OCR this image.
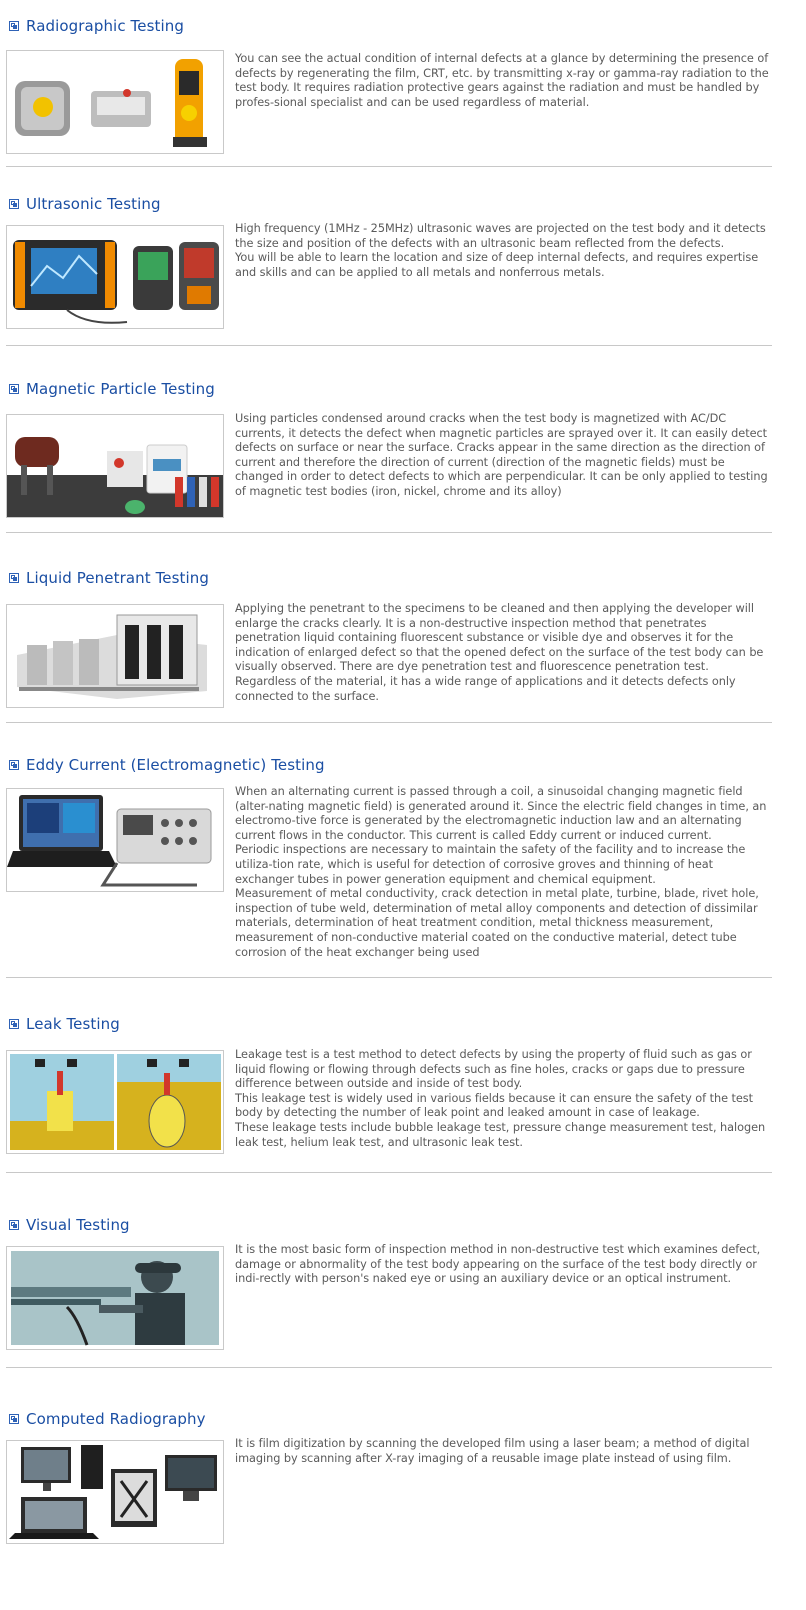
Radiographic Testing
You can see the actual condition of internal defects at a glance by determining the presence of defects by regenerating the film, CRT, etc. by transmitting x-ray or gamma-ray radiation to the test body. It requires radiation protective gears against the radiation and must be handled by profes-sional specialist and can be used regardless of material.
Ultrasonic Testing
High frequency (1MHz - 25MHz) ultrasonic waves are projected on the test body and it detects the size and position of the defects with an ultrasonic beam reflected from the defects.
You will be able to learn the location and size of deep internal defects, and requires expertise and skills and can be applied to all metals and nonferrous metals.
Magnetic Particle Testing
Using particles condensed around cracks when the test body is magnetized with AC/DC currents, it detects the defect when magnetic particles are sprayed over it. It can easily detect defects on surface or near the surface. Cracks appear in the same direction as the direction of current and therefore the direction of current (direction of the magnetic fields) must be changed in order to detect defects to which are perpendicular. It can be only applied to testing of magnetic test bodies (iron, nickel, chrome and its alloy)
Liquid Penetrant Testing
Applying the penetrant to the specimens to be cleaned and then applying the developer will enlarge the cracks clearly. It is a non-destructive inspection method that penetrates penetration liquid containing fluorescent substance or visible dye and observes it for the indication of enlarged defect so that the opened defect on the surface of the test body can be visually observed. There are dye penetration test and fluorescence penetration test. Regardless of the material, it has a wide range of applications and it detects defects only connected to the surface.
Eddy Current (Electromagnetic) Testing
When an alternating current is passed through a coil, a sinusoidal changing magnetic field (alter-nating magnetic field) is generated around it. Since the electric field changes in time, an electromo-tive force is generated by the electromagnetic induction law and an alternating current flows in the conductor. This current is called Eddy current or induced current.
Periodic inspections are necessary to maintain the safety of the facility and to increase the utiliza-tion rate, which is useful for detection of corrosive groves and thinning of heat exchanger tubes in power generation equipment and chemical equipment.
Measurement of metal conductivity, crack detection in metal plate, turbine, blade, rivet hole, inspection of tube weld, determination of metal alloy components and detection of dissimilar materials, determination of heat treatment condition, metal thickness measurement, measurement of non-conductive material coated on the conductive material, detect tube corrosion of the heat exchanger being used
Leak Testing
Leakage test is a test method to detect defects by using the property of fluid such as gas or liquid flowing or flowing through defects such as fine holes, cracks or gaps due to pressure difference between outside and inside of test body.
This leakage test is widely used in various fields because it can ensure the safety of the test body by detecting the number of leak point and leaked amount in case of leakage.
These leakage tests include bubble leakage test, pressure change measurement test, halogen leak test, helium leak test, and ultrasonic leak test.
Visual Testing
It is the most basic form of inspection method in non-destructive test which examines defect, damage or abnormality of the test body appearing on the surface of the test body directly or indi-rectly with person's naked eye or using an auxiliary device or an optical instrument.
Computed Radiography
It is film digitization by scanning the developed film using a laser beam; a method of digital imaging by scanning after X-ray imaging of a reusable image plate instead of using film.
